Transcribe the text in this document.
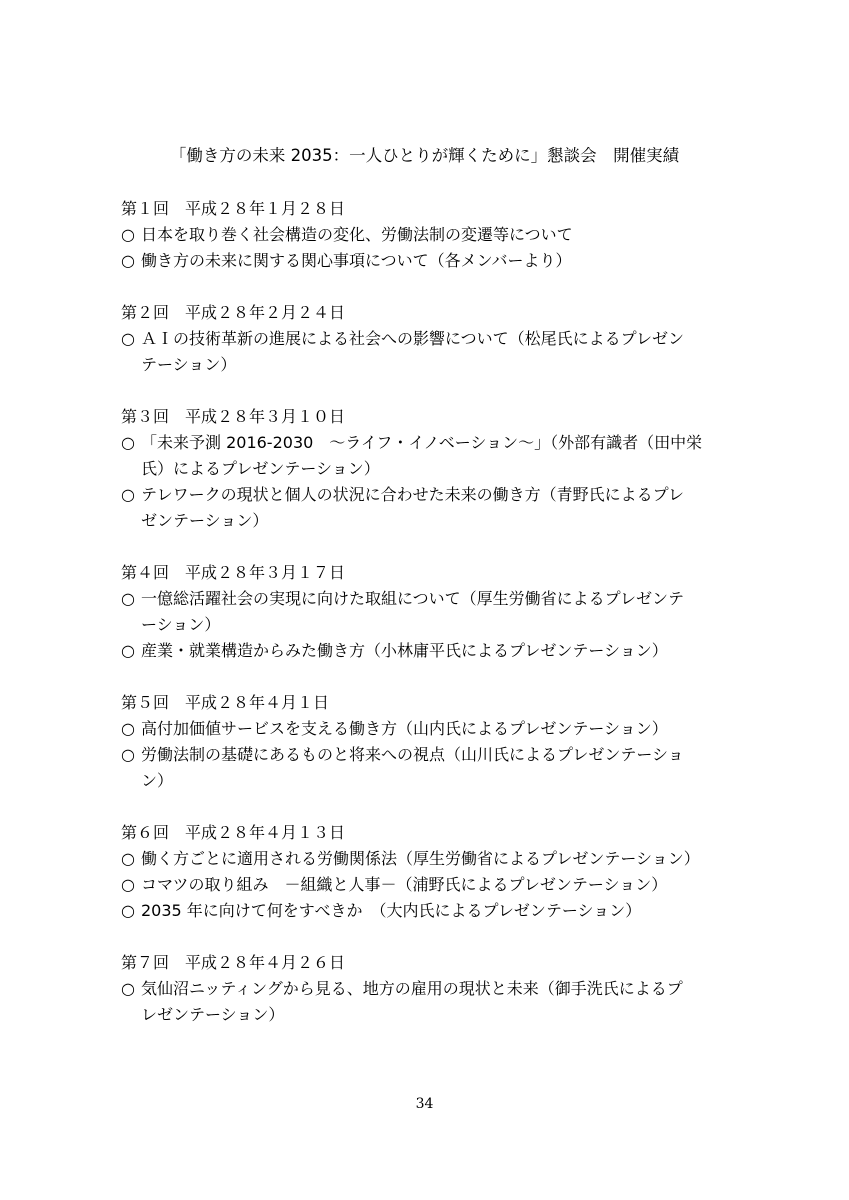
「働き方の未来 2035：一人ひとりが輝くために」懇談会　開催実績
第１回　平成２８年１月２８日
○ 日本を取り巻く社会構造の変化、労働法制の変遷等について
○ 働き方の未来に関する関心事項について（各メンバーより）
第２回　平成２８年２月２４日
○ ＡＩの技術革新の進展による社会への影響について（松尾氏によるプレゼン
テーション）
第３回　平成２８年３月１０日
○ 「未来予測 2016-2030　～ライフ・イノベーション～」（外部有識者（田中栄
氏）によるプレゼンテーション）
○ テレワークの現状と個人の状況に合わせた未来の働き方（青野氏によるプレ
ゼンテーション）
第４回　平成２８年３月１７日
○ 一億総活躍社会の実現に向けた取組について（厚生労働省によるプレゼンテ
ーション）
○ 産業・就業構造からみた働き方（小林庸平氏によるプレゼンテーション）
第５回　平成２８年４月１日
○ 高付加価値サービスを支える働き方（山内氏によるプレゼンテーション）
○ 労働法制の基礎にあるものと将来への視点（山川氏によるプレゼンテーショ
ン）
第６回　平成２８年４月１３日
○ 働く方ごとに適用される労働関係法（厚生労働省によるプレゼンテーション）
○ コマツの取り組み　－組織と人事－（浦野氏によるプレゼンテーション）
○ 2035 年に向けて何をすべきか　（大内氏によるプレゼンテーション）
第７回　平成２８年４月２６日
○ 気仙沼ニッティングから見る、地方の雇用の現状と未来（御手洗氏によるプ
レゼンテーション）
34
